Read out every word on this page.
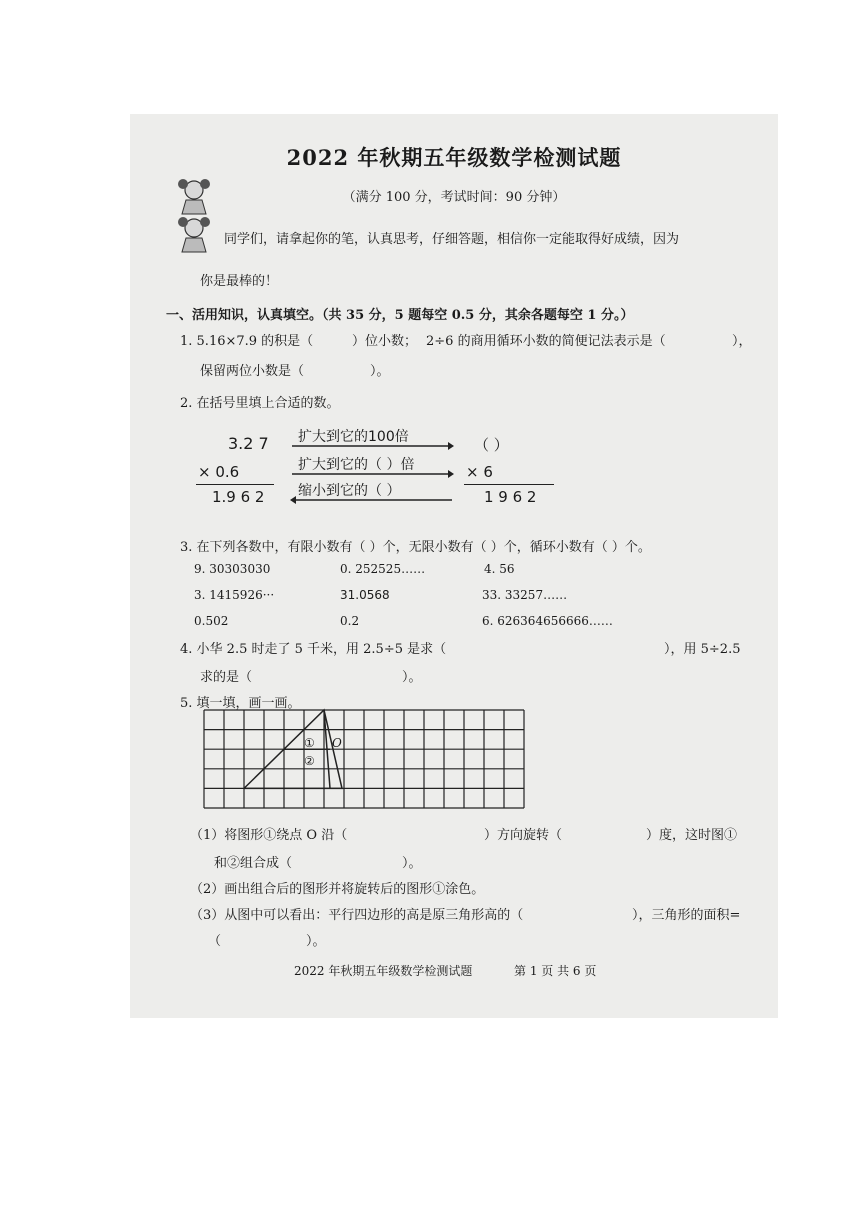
2022 年秋期五年级数学检测试题
（满分 100 分，考试时间：90 分钟）
同学们，请拿起你的笔，认真思考，仔细答题，相信你一定能取得好成绩，因为
你是最棒的！
一、活用知识，认真填空。（共 35 分，5 题每空 0.5 分，其余各题每空 1 分。）
1. 5.16×7.9 的积是（	）位小数； 2÷6 的商用循环小数的简便记法表示是（	），
保留两位小数是（	）。
2. 在括号里填上合适的数。
3.2 7
× 0.6
1.9 6 2
扩大到它的100倍
扩大到它的（ ）倍
缩小到它的（ ）
（ ）
× 6
1 9 6 2
3. 在下列各数中，有限小数有（ ）个，无限小数有（ ）个，循环小数有（ ）个。
9. 30303030	0. 252525……	4. 56
3. 1415926···	31.0568	33. 33257……
0.502	0.2	6. 626364656666……
4. 小华 2.5 时走了 5 千米，用 2.5÷5 是求（	），用 5÷2.5
求的是（	）。
5. 填一填，画一画。
①
②
O
（1）将图形①绕点 O 沿（	）方向旋转（	）度，这时图①
和②组合成（	）。
（2）画出组合后的图形并将旋转后的图形①涂色。
（3）从图中可以看出：平行四边形的高是原三角形高的（	），三角形的面积=
（	）。
2022 年秋期五年级数学检测试题	第 1 页 共 6 页
